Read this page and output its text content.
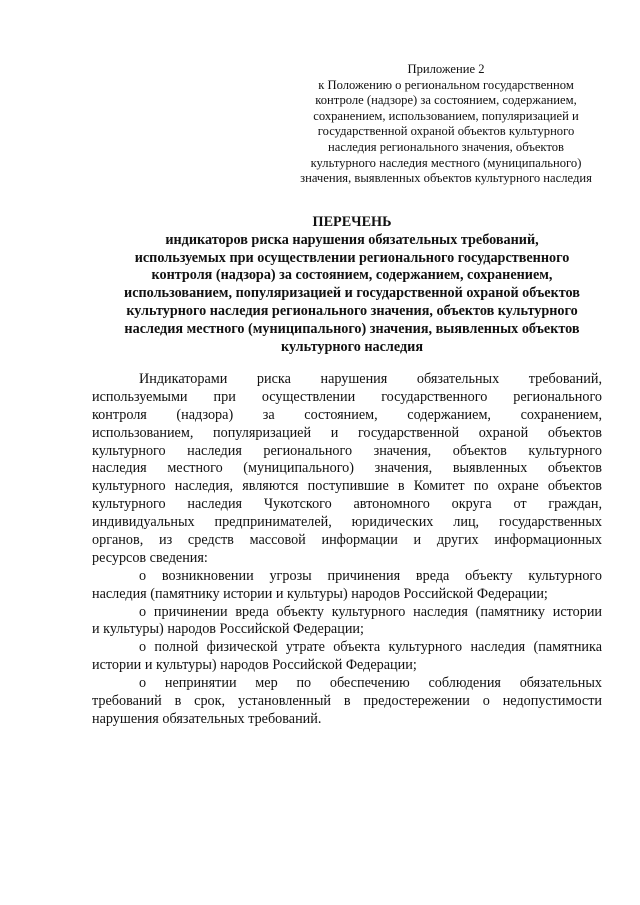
Приложение 2
к Положению о региональном государственном
контроле (надзоре) за состоянием, содержанием,
сохранением, использованием, популяризацией и
государственной охраной объектов культурного
наследия регионального значения, объектов
культурного наследия местного (муниципального)
значения, выявленных объектов культурного наследия
ПЕРЕЧЕНЬ
индикаторов риска нарушения обязательных требований,
используемых при осуществлении регионального государственного
контроля (надзора) за состоянием, содержанием, сохранением,
использованием, популяризацией и государственной охраной объектов
культурного наследия регионального значения, объектов культурного
наследия местного (муниципального) значения, выявленных объектов
культурного наследия
Индикаторами риска нарушения обязательных требований,
используемыми при осуществлении государственного регионального
контроля (надзора) за состоянием, содержанием, сохранением,
использованием, популяризацией и государственной охраной объектов
культурного наследия регионального значения, объектов культурного
наследия местного (муниципального) значения, выявленных объектов
культурного наследия, являются поступившие в Комитет по охране объектов
культурного наследия Чукотского автономного округа от граждан,
индивидуальных предпринимателей, юридических лиц, государственных
органов, из средств массовой информации и других информационных
ресурсов сведения:
о возникновении угрозы причинения вреда объекту культурного
наследия (памятнику истории и культуры) народов Российской Федерации;
о причинении вреда объекту культурного наследия (памятнику истории
и культуры) народов Российской Федерации;
о полной физической утрате объекта культурного наследия (памятника
истории и культуры) народов Российской Федерации;
о непринятии мер по обеспечению соблюдения обязательных
требований в срок, установленный в предостережении о недопустимости
нарушения обязательных требований.
